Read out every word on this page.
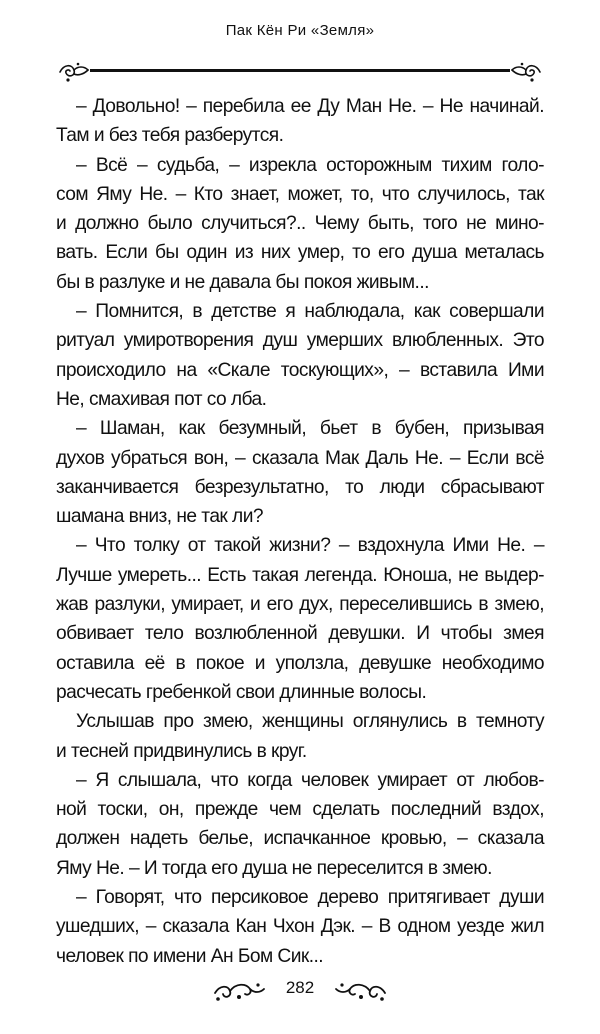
Пак Кён Ри «Земля»
– Довольно! – перебила ее Ду Ман Не. – Не начинай.
Там и без тебя разберутся.
– Всё – судьба, – изрекла осторожным тихим голо-
сом Яму Не. – Кто знает, может, то, что случилось, так
и должно было случиться?.. Чему быть, того не мино-
вать. Если бы один из них умер, то его душа металась
бы в разлуке и не давала бы покоя живым...
– Помнится, в детстве я наблюдала, как совершали
ритуал умиротворения душ умерших влюбленных. Это
происходило на «Скале тоскующих», – вставила Ими
Не, смахивая пот со лба.
– Шаман, как безумный, бьет в бубен, призывая
духов убраться вон, – сказала Мак Даль Не. – Если всё
заканчивается безрезультатно, то люди сбрасывают
шамана вниз, не так ли?
– Что толку от такой жизни? – вздохнула Ими Не. –
Лучше умереть... Есть такая легенда. Юноша, не выдер-
жав разлуки, умирает, и его дух, переселившись в змею,
обвивает тело возлюбленной девушки. И чтобы змея
оставила её в покое и уползла, девушке необходимо
расчесать гребенкой свои длинные волосы.
Услышав про змею, женщины оглянулись в темноту
и тесней придвинулись в круг.
– Я слышала, что когда человек умирает от любов-
ной тоски, он, прежде чем сделать последний вздох,
должен надеть белье, испачканное кровью, – сказала
Яму Не. – И тогда его душа не переселится в змею.
– Говорят, что персиковое дерево притягивает души
ушедших, – сказала Кан Чхон Дэк. – В одном уезде жил
человек по имени Ан Бом Сик...
282
